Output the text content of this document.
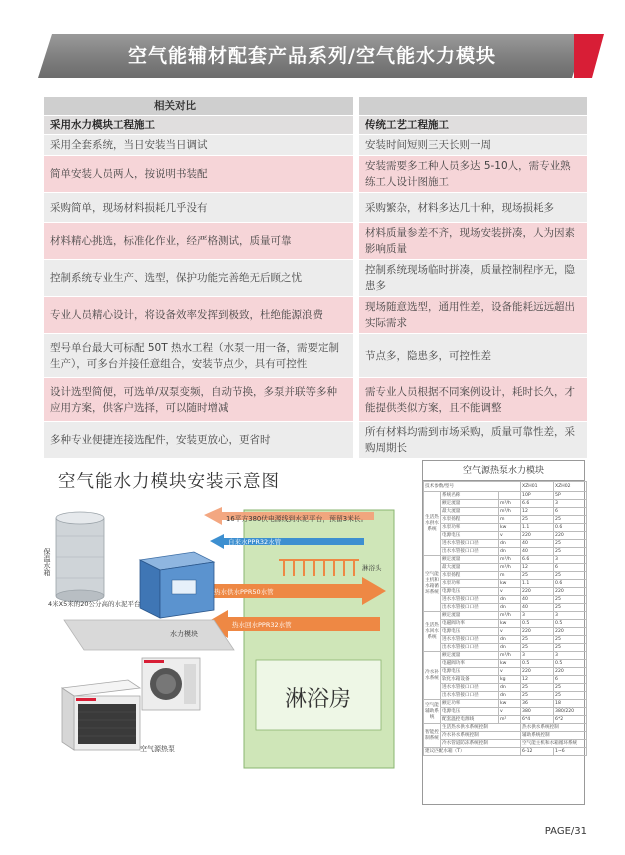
空气能辅材配套产品系列/空气能水力模块
相关对比	
采用水力模块工程施工	传统工艺工程施工
采用全套系统，当日安装当日调试	安装时间短则三天长则一周
简单安装人员两人，按说明书装配	安装需要多工种人员多达 5-10人，需专业熟练工人设计图施工
采购简单，现场材料损耗几乎没有	采购繁杂，材料多达几十种，现场损耗多
材料精心挑选，标准化作业，经严格测试，质量可靠	材料质量参差不齐，现场安装拼凑，人为因素影响质量
控制系统专业生产、选型，保护功能完善绝无后顾之忧	控制系统现场临时拼凑，质量控制程序无，隐患多
专业人员精心设计，将设备效率发挥到极致，杜绝能源浪费	现场随意选型，通用性差，设备能耗远远超出实际需求
型号单台最大可标配 50T 热水工程（水泵一用一备，需要定制生产），可多台并接任意组合，安装节点少，具有可控性	节点多，隐患多，可控性差
设计选型简便，可选单/双泵变频，自动节换，多泵并联等多种应用方案，供客户选择，可以随时增减	需专业人员根据不同案例设计，耗时长久，才能提供类似方案，且不能调整
多种专业便捷连接选配件，安装更放心，更省时	所有材料均需到市场采购，质量可靠性差，采购周期长
空气能水力模块安装示意图
淋浴房
16平方380伏电源线到水泥平台，预留3米长。
自来水PPR32水管
淋浴头
热水供水PPR50水管
热水回水PPR32水管
保温水箱
4米X5米的20公分高的水泥平台
水力模块
空气源热泵
空气源热泵水力模块
技术参数/型号			XZH01	XZH02
生活热水供水系统	系统名称		10P	5P
	额定流量	m³/h	6.6	3
	最大流量	m³/h	12	6
	水泵扬程	m	25	25
	水泵功率	kw	1.1	0.6
	电源电压	v	220	220
	进水水管接口口径	dn	40	25
	出水水管接口口径	dn	40	25
空气能主机和水箱循环系统	额定流量	m³/h	6.6	3
	最大流量	m³/h	12	6
	水泵扬程	m	25	25
	水泵功率	kw	1.1	0.6
	电源电压	v	220	220
	进水水管接口口径	dn	40	25
	出水水管接口口径	dn	40	25
生活热水回水系统	额定流量	m³/h	3	3
	电磁阀功率	kw	0.5	0.5
	电源电压	v	220	220
	进水水管接口口径	dn	25	25
	出水水管接口口径	dn	25	25
冷水补水系统	额定流量	m³/h	3	3
	电磁阀功率	kw	0.5	0.5
	电源电压	v	220	220
	软化水箱设备	kg	12	6
	进水水管接口口径	dn	25	25
	出水水管接口口径	dn	25	25
空气能辅助系统	额定功率	kw	36	18
	电源电压	v	380	380/220
	配套温控电源线	m²	6*4	6*2
智能控制系统	生活热水供水系统控制		热水供水系统控制	
	冷水补水系统控制		辅助系统控制	
	冷水管道防冻系统控制		空气能主机和水箱循环系统	
建议匹配水箱（T）			6-12	1~6
PAGE/31
